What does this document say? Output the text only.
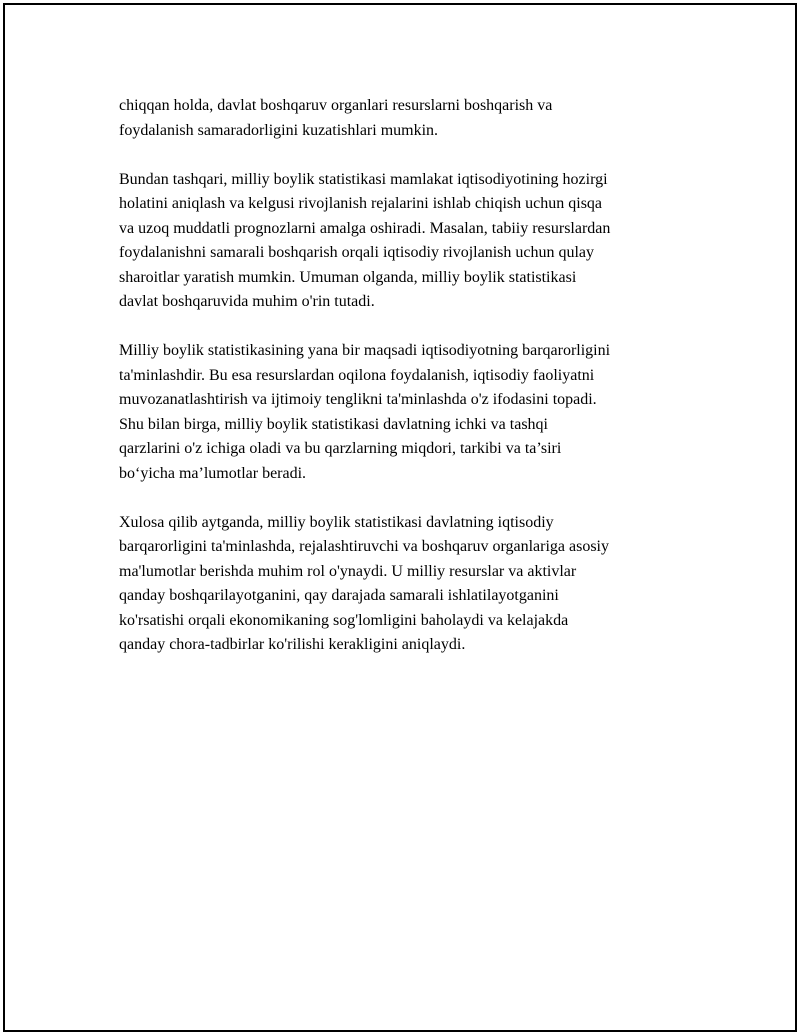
chiqqan holda, davlat boshqaruv organlari resurslarni boshqarish va
foydalanish samaradorligini kuzatishlari mumkin.

Bundan tashqari, milliy boylik statistikasi mamlakat iqtisodiyotining hozirgi
holatini aniqlash va kelgusi rivojlanish rejalarini ishlab chiqish uchun qisqa
va uzoq muddatli prognozlarni amalga oshiradi. Masalan, tabiiy resurslardan
foydalanishni samarali boshqarish orqali iqtisodiy rivojlanish uchun qulay
sharoitlar yaratish mumkin. Umuman olganda, milliy boylik statistikasi
davlat boshqaruvida muhim o'rin tutadi.

Milliy boylik statistikasining yana bir maqsadi iqtisodiyotning barqarorligini
ta'minlashdir. Bu esa resurslardan oqilona foydalanish, iqtisodiy faoliyatni
muvozanatlashtirish va ijtimoiy tenglikni ta'minlashda o'z ifodasini topadi.
Shu bilan birga, milliy boylik statistikasi davlatning ichki va tashqi
qarzlarini o'z ichiga oladi va bu qarzlarning miqdori, tarkibi va ta’siri
bo‘yicha ma’lumotlar beradi.

Xulosa qilib aytganda, milliy boylik statistikasi davlatning iqtisodiy
barqarorligini ta'minlashda, rejalashtiruvchi va boshqaruv organlariga asosiy
ma'lumotlar berishda muhim rol o'ynaydi. U milliy resurslar va aktivlar
qanday boshqarilayotganini, qay darajada samarali ishlatilayotganini
ko'rsatishi orqali ekonomikaning sog'lomligini baholaydi va kelajakda
qanday chora-tadbirlar ko'rilishi kerakligini aniqlaydi.
